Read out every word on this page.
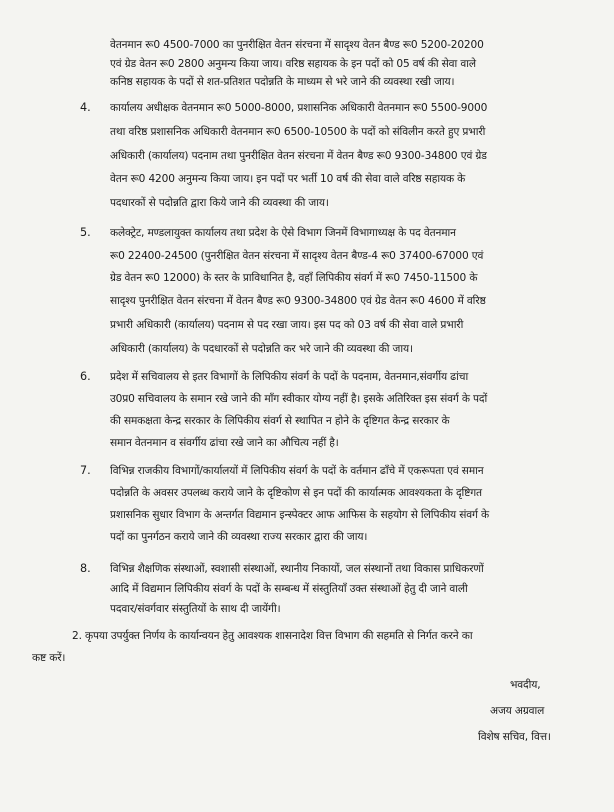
वेतनमान रू0 4500-7000 का पुनरीक्षित वेतन संरचना में सादृश्य वेतन बैण्ड रू0 5200-20200
एवं ग्रेड वेतन रू0 2800 अनुमन्य किया जाय। वरिष्ठ सहायक के इन पदों को 05 वर्ष की सेवा वाले
कनिष्ठ सहायक के पदों से शत-प्रतिशत पदोन्नति के माध्यम से भरे जाने की व्यवस्था रखी जाय।
4. कार्यालय अधीक्षक वेतनमान रू0 5000-8000, प्रशासनिक अधिकारी वेतनमान रू0 5500-9000
तथा वरिष्ठ प्रशासनिक अधिकारी वेतनमान रू0 6500-10500 के पदों को संविलीन करते हुए प्रभारी
अधिकारी (कार्यालय) पदनाम तथा पुनरीक्षित वेतन संरचना में वेतन बैण्ड रू0 9300-34800 एवं ग्रेड
वेतन रू0 4200 अनुमन्य किया जाय। इन पदों पर भर्ती 10 वर्ष की सेवा वाले वरिष्ठ सहायक के
पदधारकों से पदोन्नति द्वारा किये जाने की व्यवस्था की जाय।
5. कलेक्ट्रेट, मण्डलायुक्त कार्यालय तथा प्रदेश के ऐसे विभाग जिनमें विभागाध्यक्ष के पद वेतनमान
रू0 22400-24500 (पुनरीक्षित वेतन संरचना में सादृश्य वेतन बैण्ड-4 रू0 37400-67000 एवं
ग्रेड वेतन रू0 12000) के स्तर के प्राविधानित है, वहाँ लिपिकीय संवर्ग में रू0 7450-11500 के
सादृश्य पुनरीक्षित वेतन संरचना में वेतन बैण्ड रू0 9300-34800 एवं ग्रेड वेतन रू0 4600 में वरिष्ठ
प्रभारी अधिकारी (कार्यालय) पदनाम से पद रखा जाय। इस पद को 03 वर्ष की सेवा वाले प्रभारी
अधिकारी (कार्यालय) के पदधारकों से पदोन्नति कर भरे जाने की व्यवस्था की जाय।
6. प्रदेश में सचिवालय से इतर विभागों के लिपिकीय संवर्ग के पदों के पदनाम, वेतनमान,संवर्गीय ढांचा
उ0प्र0 सचिवालय के समान रखे जाने की माँग स्वीकार योग्य नहीं है। इसके अतिरिक्त इस संवर्ग के पदों
की समकक्षता केन्द्र सरकार के लिपिकीय संवर्ग से स्थापित न होने के दृष्टिगत केन्द्र सरकार के
समान वेतनमान व संवर्गीय ढांचा रखे जाने का औचित्य नहीं है।
7. विभिन्न राजकीय विभागों/कार्यालयों में लिपिकीय संवर्ग के पदों के वर्तमान ढाँचे में एकरूपता एवं समान
पदोन्नति के अवसर उपलब्ध कराये जाने के दृष्टिकोण से इन पदों की कार्यात्मक आवश्यकता के दृष्टिगत
प्रशासनिक सुधार विभाग के अन्तर्गत विद्यमान इन्स्पेक्टर आफ आफिस के सहयोग से लिपिकीय संवर्ग के
पदों का पुनर्गठन कराये जाने की व्यवस्था राज्य सरकार द्वारा की जाय।
8. विभिन्न शैक्षणिक संस्थाओं, स्वशासी संस्थाओं, स्थानीय निकायों, जल संस्थानों तथा विकास प्राधिकरणों
आदि में विद्यमान लिपिकीय संवर्ग के पदों के सम्बन्ध में संस्तुतियाँ उक्त संस्थाओं हेतु दी जाने वाली
पदवार/संवर्गवार संस्तुतियों के साथ दी जायेंगी।
2. कृपया उपर्युक्त निर्णय के कार्यान्वयन हेतु आवश्यक शासनादेश वित्त विभाग की सहमति से निर्गत करने का
कष्ट करें।
भवदीय,
अजय अग्रवाल
विशेष सचिव, वित्त।
